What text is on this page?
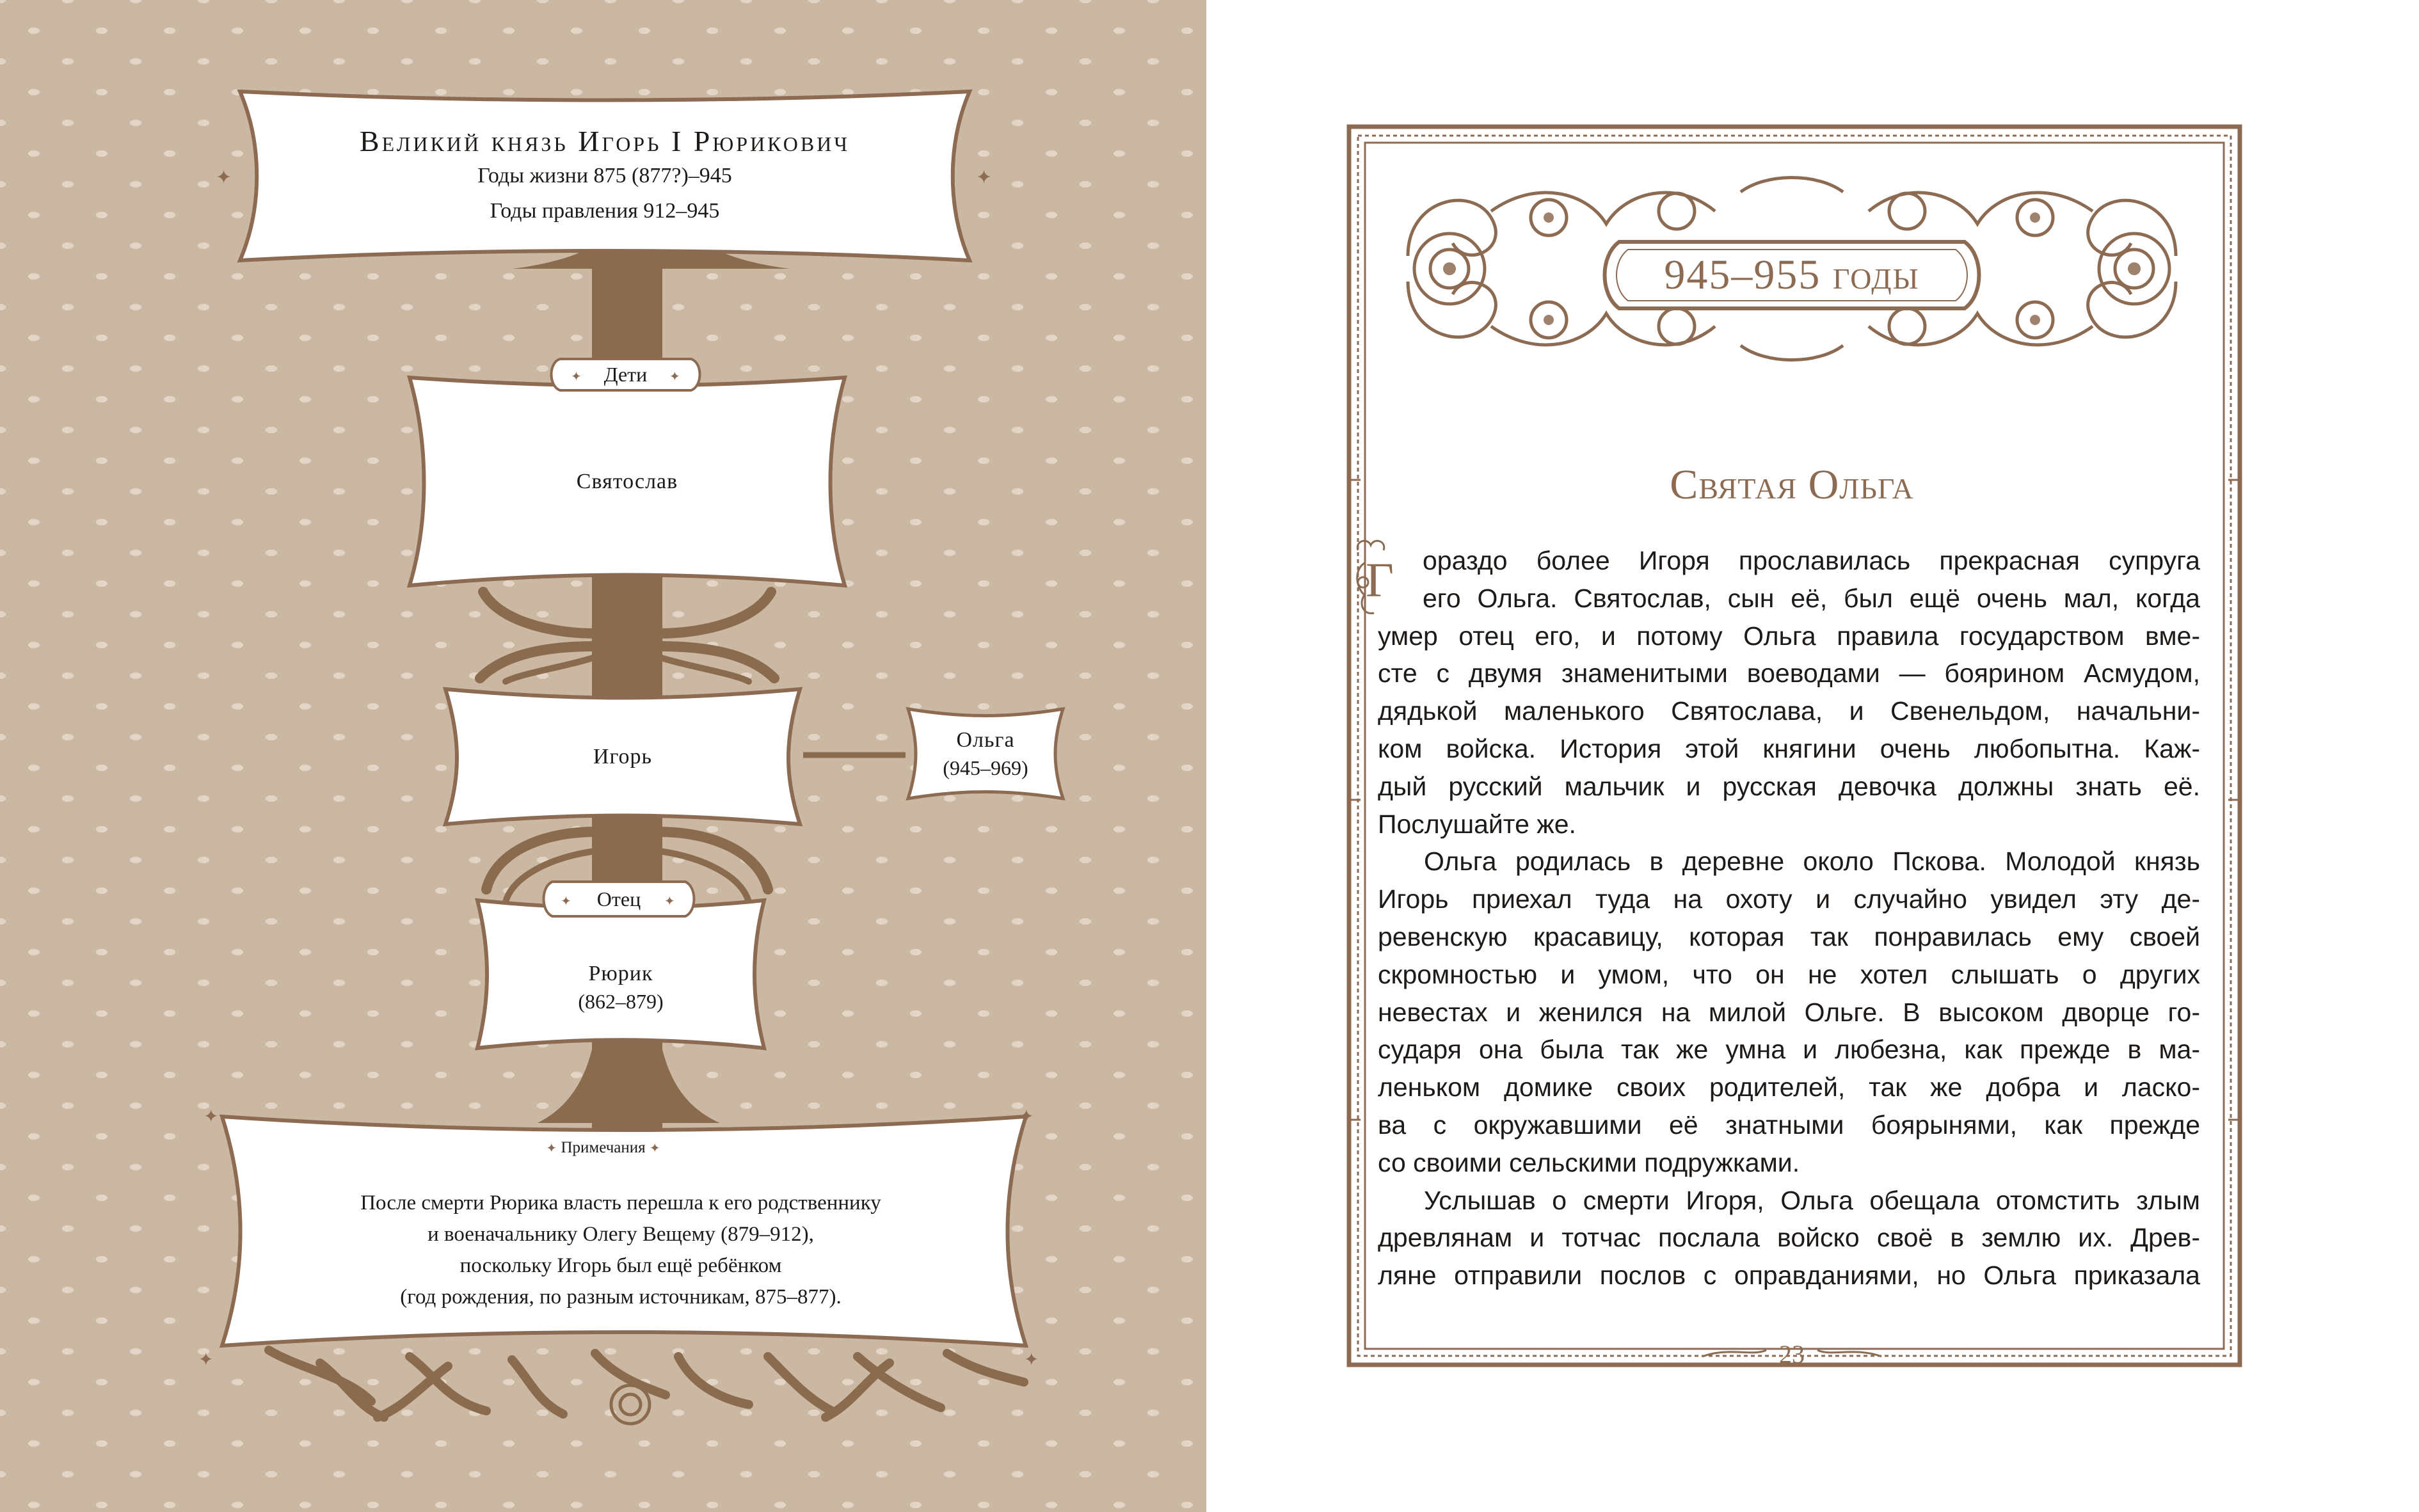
Великий князь Игорь I Рюрикович
Годы жизни 875 (877?)–945
Годы правления 912–945
✦	✦
Святослав
✦	✦
Дети
Игорь
Ольга
(945–969)
Рюрик
(862–879)
✦	✦
Отец
✦	✦
✦	✦
✦ Примечания ✦
После смерти Рюрика власть перешла к его родственнику
и военачальнику Олегу Вещему (879–912),
поскольку Игорь был ещё ребёнком
(год рождения, по разным источникам, 875–877).
945–955 годы
Святая Ольга
Г	ораздо более Игоря прославилась прекрасная супруга
его Ольга. Святослав, сын её, был ещё очень мал, когда
умер отец его, и потому Ольга правила государством вме-
сте с двумя знаменитыми воеводами — боярином Асмудом,
дядькой маленького Святослава, и Свенельдом, начальни-
ком войска. История этой княгини очень любопытна. Каж-
дый русский мальчик и русская девочка должны знать её.
Послушайте же.
Ольга родилась в деревне около Пскова. Молодой князь
Игорь приехал туда на охоту и случайно увидел эту де-
ревенскую красавицу, которая так понравилась ему своей
скромностью и умом, что он не хотел слышать о других
невестах и женился на милой Ольге. В высоком дворце го-
сударя она была так же умна и любезна, как прежде в ма-
леньком домике своих родителей, так же добра и ласко-
ва с окружавшими её знатными боярынями, как прежде
со своими сельскими подружками.
Услышав о смерти Игоря, Ольга обещала отомстить злым
древлянам и тотчас послала войско своё в землю их. Древ-
ляне отправили послов с оправданиями, но Ольга приказала
23
